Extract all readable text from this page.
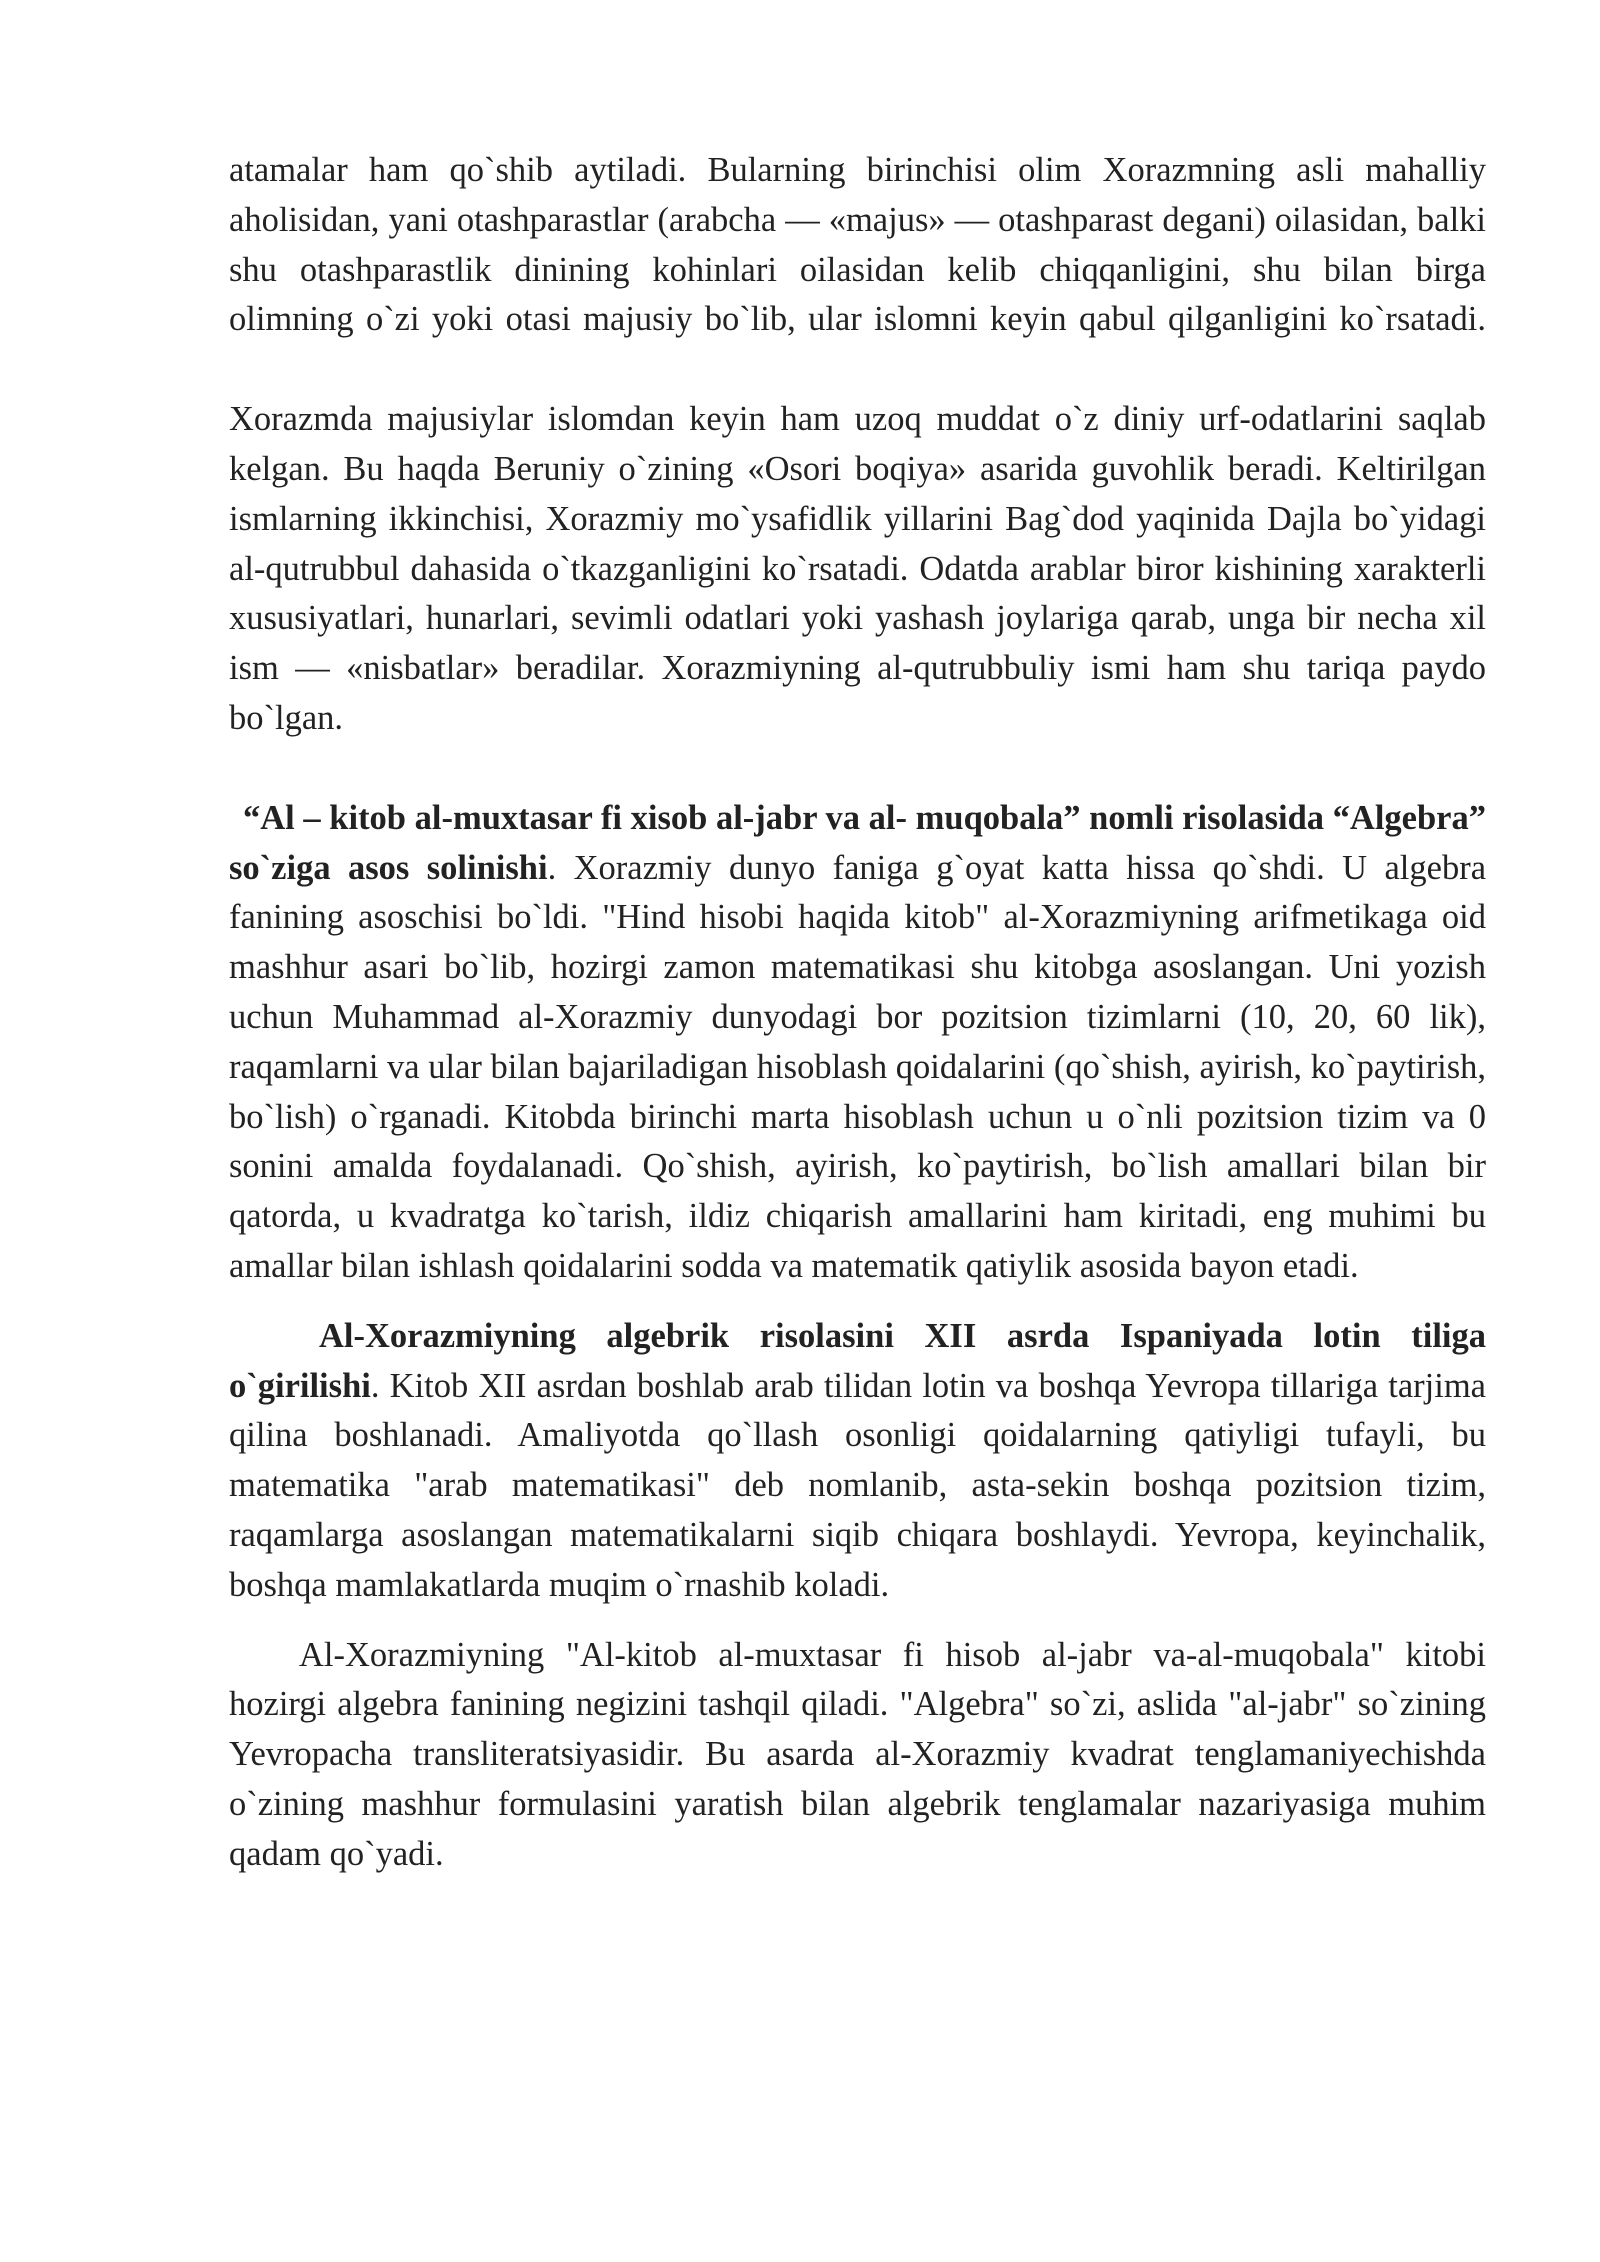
atamalar ham qo`shib aytiladi. Bularning birinchisi olim Xorazmning asli mahalliy aholisidan, yani otashparastlar (arabcha — «majus» — otashparast degani) oilasidan, balki shu otashparastlik dinining kohinlari oilasidan kelib chiqqanligini, shu bilan birga olimning o`zi yoki otasi majusiy bo`lib, ular islomni keyin qabul qilganligini ko`rsatadi.

Xorazmda majusiylar islomdan keyin ham uzoq muddat o`z diniy urf-odatlarini saqlab kelgan. Bu haqda Beruniy o`zining «Osori boqiya» asarida guvohlik beradi. Keltirilgan ismlarning ikkinchisi, Xorazmiy mo`ysafidlik yillarini Bag`dod yaqinida Dajla bo`yidagi al-qutrubbul dahasida o`tkazganligini ko`rsatadi. Odatda arablar biror kishining xarakterli xususiyatlari, hunarlari, sevimli odatlari yoki yashash joylariga qarab, unga bir necha xil ism — «nisbatlar» beradilar. Xorazmiyning al-qutrubbuliy ismi ham shu tariqa paydo bo`lgan.

“Al – kitob al-muxtasar fi xisob al-jabr va al- muqobala” nomli risolasida “Algebra” so`ziga asos solinishi. Xorazmiy dunyo faniga g`oyat katta hissa qo`shdi. U algebra fanining asoschisi bo`ldi. "Hind hisobi haqida kitob" al-Xorazmiyning arifmetikaga oid mashhur asari bo`lib, hozirgi zamon matematikasi shu kitobga asoslangan. Uni yozish uchun Muhammad al-Xorazmiy dunyodagi bor pozitsion tizimlarni (10, 20, 60 lik), raqamlarni va ular bilan bajariladigan hisoblash qoidalarini (qo`shish, ayirish, ko`paytirish, bo`lish) o`rganadi. Kitobda birinchi marta hisoblash uchun u o`nli pozitsion tizim va 0 sonini amalda foydalanadi. Qo`shish, ayirish, ko`paytirish, bo`lish amallari bilan bir qatorda, u kvadratga ko`tarish, ildiz chiqarish amallarini ham kiritadi, eng muhimi bu amallar bilan ishlash qoidalarini sodda va matematik qatiylik asosida bayon etadi.

Al-Xorazmiyning algebrik risolasini XII asrda Ispaniyada lotin tiliga o`girilishi. Kitob XII asrdan boshlab arab tilidan lotin va boshqa Yevropa tillariga tarjima qilina boshlanadi. Amaliyotda qo`llash osonligi qoidalarning qatiyligi tufayli, bu matematika "arab matematikasi" deb nomlanib, asta-sekin boshqa pozitsion tizim, raqamlarga asoslangan matematikalarni siqib chiqara boshlaydi. Yevropa, keyinchalik, boshqa mamlakatlarda muqim o`rnashib koladi.

Al-Xorazmiyning "Al-kitob al-muxtasar fi hisob al-jabr va-al-muqobala" kitobi hozirgi algebra fanining negizini tashqil qiladi. "Algebra" so`zi, aslida "al-jabr" so`zining Yevropacha transliteratsiyasidir. Bu asarda al-Xorazmiy kvadrat tenglamaniyechishda o`zining mashhur formulasini yaratish bilan algebrik tenglamalar nazariyasiga muhim qadam qo`yadi.
